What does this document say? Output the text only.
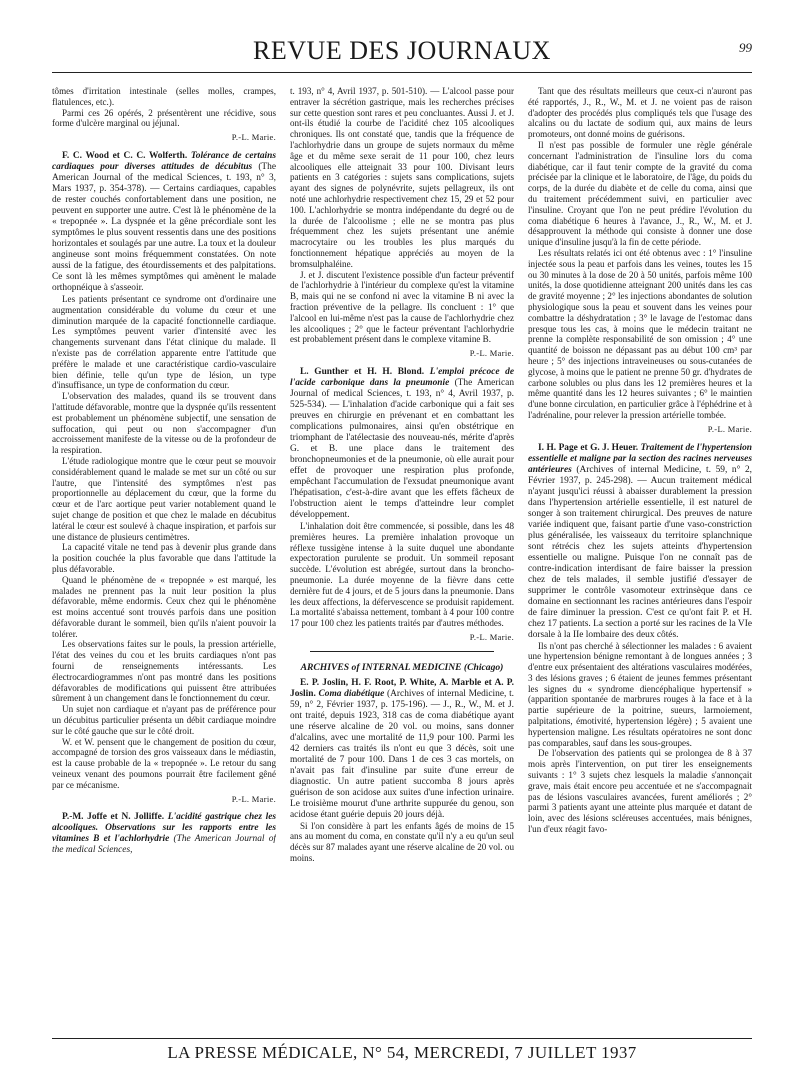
REVUE DES JOURNAUX	99

tômes d'irritation intestinale (selles molles, crampes, flatulences, etc.).

Parmi ces 26 opérés, 2 présentèrent une récidive, sous forme d'ulcère marginal ou jéjunal.

P.-L. Marie.

F. C. Wood et C. C. Wolferth. Tolérance de certains cardiaques pour diverses attitudes de décubitus (The American Journal of the medical Sciences, t. 193, n° 3, Mars 1937, p. 354-378). — Certains cardiaques, capables de rester couchés confortablement dans une position, ne peuvent en supporter une autre. C'est là le phénomène de la « trepopnée ». La dyspnée et la gêne précordiale sont les symptômes le plus souvent ressentis dans une des positions horizontales et soulagés par une autre. La toux et la douleur angineuse sont moins fréquemment constatées. On note aussi de la fatigue, des étourdissements et des palpitations. Ce sont là les mêmes symptômes qui amènent le malade orthopnéique à s'asseoir.

Les patients présentant ce syndrome ont d'ordinaire une augmentation considérable du volume du cœur et une diminution marquée de la capacité fonctionnelle cardiaque. Les symptômes peuvent varier d'intensité avec les changements survenant dans l'état clinique du malade. Il n'existe pas de corrélation apparente entre l'attitude que préfère le malade et une caractéristique cardio-vasculaire bien définie, telle qu'un type de lésion, un type d'insuffisance, un type de conformation du cœur.

L'observation des malades, quand ils se trouvent dans l'attitude défavorable, montre que la dyspnée qu'ils ressentent est probablement un phénomène subjectif, une sensation de suffocation, qui peut ou non s'accompagner d'un accroissement manifeste de la vitesse ou de la profondeur de la respiration.

L'étude radiologique montre que le cœur peut se mouvoir considérablement quand le malade se met sur un côté ou sur l'autre, que l'intensité des symptômes n'est pas proportionnelle au déplacement du cœur, que la forme du cœur et de l'arc aortique peut varier notablement quand le sujet change de position et que chez le malade en décubitus latéral le cœur est soulevé à chaque inspiration, et parfois sur une distance de plusieurs centimètres.

La capacité vitale ne tend pas à devenir plus grande dans la position couchée la plus favorable que dans l'attitude la plus défavorable.

Quand le phénomène de « trepopnée » est marqué, les malades ne prennent pas la nuit leur position la plus défavorable, même endormis. Ceux chez qui le phénomène est moins accentué sont trouvés parfois dans une position défavorable durant le sommeil, bien qu'ils n'aient pouvoir la tolérer.

Les observations faites sur le pouls, la pression artérielle, l'état des veines du cou et les bruits cardiaques n'ont pas fourni de renseignements intéressants. Les électrocardiogrammes n'ont pas montré dans les positions défavorables de modifications qui puissent être attribuées sûrement à un changement dans le fonctionnement du cœur.

Un sujet non cardiaque et n'ayant pas de préférence pour un décubitus particulier présenta un débit cardiaque moindre sur le côté gauche que sur le côté droit.

W. et W. pensent que le changement de position du cœur, accompagné de torsion des gros vaisseaux dans le médiastin, est la cause probable de la « trepopnée ». Le retour du sang veineux venant des poumons pourrait être facilement gêné par ce mécanisme.

P.-L. Marie.

P.-M. Joffe et N. Jolliffe. L'acidité gastrique chez les alcooliques. Observations sur les rapports entre les vitamines B et l'achlorhydrie (The American Journal of the medical Sciences,

t. 193, n° 4, Avril 1937, p. 501-510). — L'alcool passe pour entraver la sécrétion gastrique, mais les recherches précises sur cette question sont rares et peu concluantes. Aussi J. et J. ont-ils étudié la courbe de l'acidité chez 105 alcooliques chroniques. Ils ont constaté que, tandis que la fréquence de l'achlorhydrie dans un groupe de sujets normaux du même âge et du même sexe serait de 11 pour 100, chez leurs alcooliques elle atteignait 33 pour 100. Divisant leurs patients en 3 catégories : sujets sans complications, sujets ayant des signes de polynévrite, sujets pellagreux, ils ont noté une achlorhydrie respectivement chez 15, 29 et 52 pour 100. L'achlorhydrie se montra indépendante du degré ou de la durée de l'alcoolisme ; elle ne se montra pas plus fréquemment chez les sujets présentant une anémie macrocytaire ou les troubles les plus marqués du fonctionnement hépatique appréciés au moyen de la bromsulphaléine.

J. et J. discutent l'existence possible d'un facteur préventif de l'achlorhydrie à l'intérieur du complexe qu'est la vitamine B, mais qui ne se confond ni avec la vitamine B ni avec la fraction préventive de la pellagre. Ils concluent : 1° que l'alcool en lui-même n'est pas la cause de l'achlorhydrie chez les alcooliques ; 2° que le facteur préventant l'achlorhydrie est probablement présent dans le complexe vitamine B.

P.-L. Marie.

L. Gunther et H. H. Blond. L'emploi précoce de l'acide carbonique dans la pneumonie (The American Journal of medical Sciences, t. 193, n° 4, Avril 1937, p. 525-534). — L'inhalation d'acide carbonique qui a fait ses preuves en chirurgie en prévenant et en combattant les complications pulmonaires, ainsi qu'en obstétrique en triomphant de l'atélectasie des nouveau-nés, mérite d'après G. et B. une place dans le traitement des bronchopneumonies et de la pneumonie, où elle aurait pour effet de provoquer une respiration plus profonde, empêchant l'accumulation de l'exsudat pneumonique avant l'hépatisation, c'est-à-dire avant que les effets fâcheux de l'obstruction aient le temps d'atteindre leur complet développement.

L'inhalation doit être commencée, si possible, dans les 48 premières heures. La première inhalation provoque un réflexe tussigène intense à la suite duquel une abondante expectoration purulente se produit. Un sommeil reposant succède. L'évolution est abrégée, surtout dans la broncho-pneumonie. La durée moyenne de la fièvre dans cette dernière fut de 4 jours, et de 5 jours dans la pneumonie. Dans les deux affections, la défervescence se produisit rapidement. La mortalité s'abaissa nettement, tombant à 4 pour 100 contre 17 pour 100 chez les patients traités par d'autres méthodes.

P.-L. Marie.
ARCHIVES of INTERNAL MEDICINE (Chicago)

E. P. Joslin, H. F. Root, P. White, A. Marble et A. P. Joslin. Coma diabétique (Archives of internal Medicine, t. 59, n° 2, Février 1937, p. 175-196). — J., R., W., M. et J. ont traité, depuis 1923, 318 cas de coma diabétique ayant une réserve alcaline de 20 vol. ou moins, sans donner d'alcalins, avec une mortalité de 11,9 pour 100. Parmi les 42 derniers cas traités ils n'ont eu que 3 décès, soit une mortalité de 7 pour 100. Dans 1 de ces 3 cas mortels, on n'avait pas fait d'insuline par suite d'une erreur de diagnostic. Un autre patient succomba 8 jours après guérison de son acidose aux suites d'une infection urinaire. Le troisième mourut d'une arthrite suppurée du genou, son acidose étant guérie depuis 20 jours déjà.

Si l'on considère à part les enfants âgés de moins de 15 ans au moment du coma, en constate qu'il n'y a eu qu'un seul décès sur 87 malades ayant une réserve alcaline de 20 vol. ou moins.

Tant que des résultats meilleurs que ceux-ci n'auront pas été rapportés, J., R., W., M. et J. ne voient pas de raison d'adopter des procédés plus compliqués tels que l'usage des alcalins ou du lactate de sodium qui, aux mains de leurs promoteurs, ont donné moins de guérisons.

Il n'est pas possible de formuler une règle générale concernant l'administration de l'insuline lors du coma diabétique, car il faut tenir compte de la gravité du coma précisée par la clinique et le laboratoire, de l'âge, du poids du corps, de la durée du diabète et de celle du coma, ainsi que du traitement précédemment suivi, en particulier avec l'insuline. Croyant que l'on ne peut prédire l'évolution du coma diabétique 6 heures à l'avance, J., R., W., M. et J. désapprouvent la méthode qui consiste à donner une dose unique d'insuline jusqu'à la fin de cette période.

Les résultats relatés ici ont été obtenus avec : 1° l'insuline injectée sous la peau et parfois dans les veines, toutes les 15 ou 30 minutes à la dose de 20 à 50 unités, parfois même 100 unités, la dose quotidienne atteignant 200 unités dans les cas de gravité moyenne ; 2° les injections abondantes de solution physiologique sous la peau et souvent dans les veines pour combattre la déshydratation ; 3° le lavage de l'estomac dans presque tous les cas, à moins que le médecin traitant ne prenne la complète responsabilité de son omission ; 4° une quantité de boisson ne dépassant pas au début 100 cm³ par heure ; 5° des injections intraveineuses ou sous-cutanées de glycose, à moins que le patient ne prenne 50 gr. d'hydrates de carbone solubles ou plus dans les 12 premières heures et la même quantité dans les 12 heures suivantes ; 6° le maintien d'une bonne circulation, en particulier grâce à l'éphédrine et à l'adrénaline, pour relever la pression artérielle tombée.

P.-L. Marie.

I. H. Page et G. J. Heuer. Traitement de l'hypertension essentielle et maligne par la section des racines nerveuses antérieures (Archives of internal Medicine, t. 59, n° 2, Février 1937, p. 245-298). — Aucun traitement médical n'ayant jusqu'ici réussi à abaisser durablement la pression dans l'hypertension artérielle essentielle, il est naturel de songer à son traitement chirurgical. Des preuves de nature variée indiquent que, faisant partie d'une vaso-constriction plus généralisée, les vaisseaux du territoire splanchnique sont rétrécis chez les sujets atteints d'hypertension essentielle ou maligne. Puisque l'on ne connaît pas de contre-indication interdisant de faire baisser la pression chez de tels malades, il semble justifié d'essayer de supprimer le contrôle vasomoteur extrinsèque dans ce domaine en sectionnant les racines antérieures dans l'espoir de faire diminuer la pression. C'est ce qu'ont fait P. et H. chez 17 patients. La section a porté sur les racines de la VIe dorsale à la IIe lombaire des deux côtés.

Ils n'ont pas cherché à sélectionner les malades : 6 avaient une hypertension bénigne remontant à de longues années ; 3 d'entre eux présentaient des altérations vasculaires modérées, 3 des lésions graves ; 6 étaient de jeunes femmes présentant les signes du « syndrome diencéphalique hypertensif » (apparition spontanée de marbrures rouges à la face et à la partie supérieure de la poitrine, sueurs, larmoiement, palpitations, émotivité, hypertension légère) ; 5 avaient une hypertension maligne. Les résultats opératoires ne sont donc pas comparables, sauf dans les sous-groupes.

De l'observation des patients qui se prolongea de 8 à 37 mois après l'intervention, on put tirer les enseignements suivants : 1° 3 sujets chez lesquels la maladie s'annonçait grave, mais était encore peu accentuée et ne s'accompagnait pas de lésions vasculaires avancées, furent améliorés ; 2° parmi 3 patients ayant une atteinte plus marquée et datant de loin, avec des lésions scléreuses accentuées, mais bénignes, l'un d'eux réagit favo-

LA PRESSE MÉDICALE, N° 54, MERCREDI, 7 JUILLET 1937
